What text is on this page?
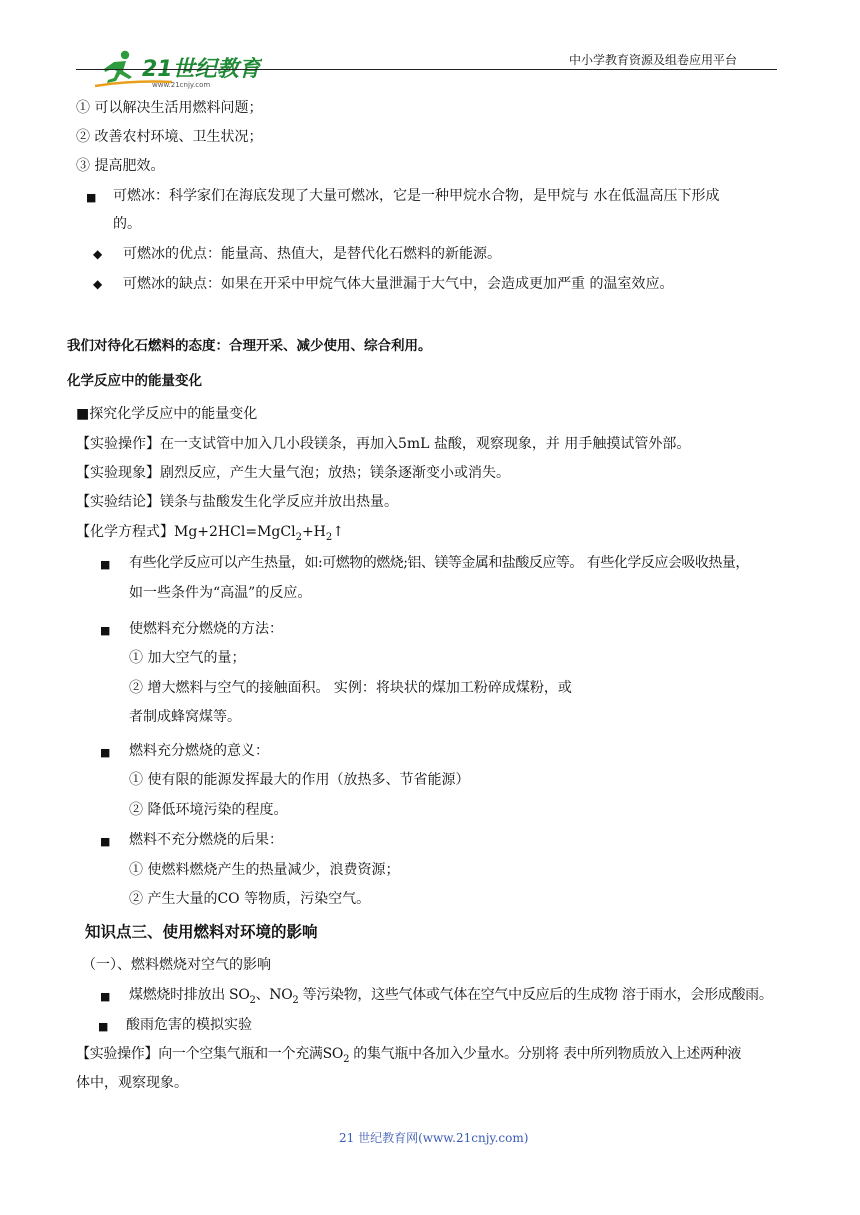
21世纪教育
www.21cnjy.com
中小学教育资源及组卷应用平台
① 可以解决生活用燃料问题；
② 改善农村环境、卫生状况；
③ 提高肥效。
■ 可燃冰：科学家们在海底发现了大量可燃冰，它是一种甲烷水合物，是甲烷与 水在低温高压下形成
的。
◆ 可燃冰的优点：能量高、热值大，是替代化石燃料的新能源。
◆ 可燃冰的缺点：如果在开采中甲烷气体大量泄漏于大气中，会造成更加严重 的温室效应。
我们对待化石燃料的态度：合理开采、减少使用、综合利用。
化学反应中的能量变化
■探究化学反应中的能量变化
【实验操作】在一支试管中加入几小段镁条，再加入5mL 盐酸，观察现象，并 用手触摸试管外部。
【实验现象】剧烈反应，产生大量气泡；放热；镁条逐渐变小或消失。
【实验结论】镁条与盐酸发生化学反应并放出热量。
【化学方程式】$Mg+2HCl=MgCl_2+H_2↑$
■ 有些化学反应可以产生热量，如:可燃物的燃烧;铝、镁等金属和盐酸反应等。 有些化学反应会吸收热量，
如一些条件为“高温”的反应。
■ 使燃料充分燃烧的方法：
① 加大空气的量；
② 增大燃料与空气的接触面积。 实例：将块状的煤加工粉碎成煤粉，或
者制成蜂窝煤等。
■ 燃料充分燃烧的意义：
① 使有限的能源发挥最大的作用（放热多、节省能源）
② 降低环境污染的程度。
■ 燃料不充分燃烧的后果：
① 使燃料燃烧产生的热量减少，浪费资源；
② 产生大量的CO 等物质，污染空气。
知识点三、使用燃料对环境的影响
（一）、燃料燃烧对空气的影响
■ 煤燃烧时排放出 $SO_2$、$NO_2$ 等污染物，这些气体或气体在空气中反应后的生成物 溶于雨水，会形成酸雨。
■ 酸雨危害的模拟实验
【实验操作】向一个空集气瓶和一个充满$SO_2$ 的集气瓶中各加入少量水。分别将 表中所列物质放入上述两种液
体中，观察现象。
21 世纪教育网(www.21cnjy.com)
